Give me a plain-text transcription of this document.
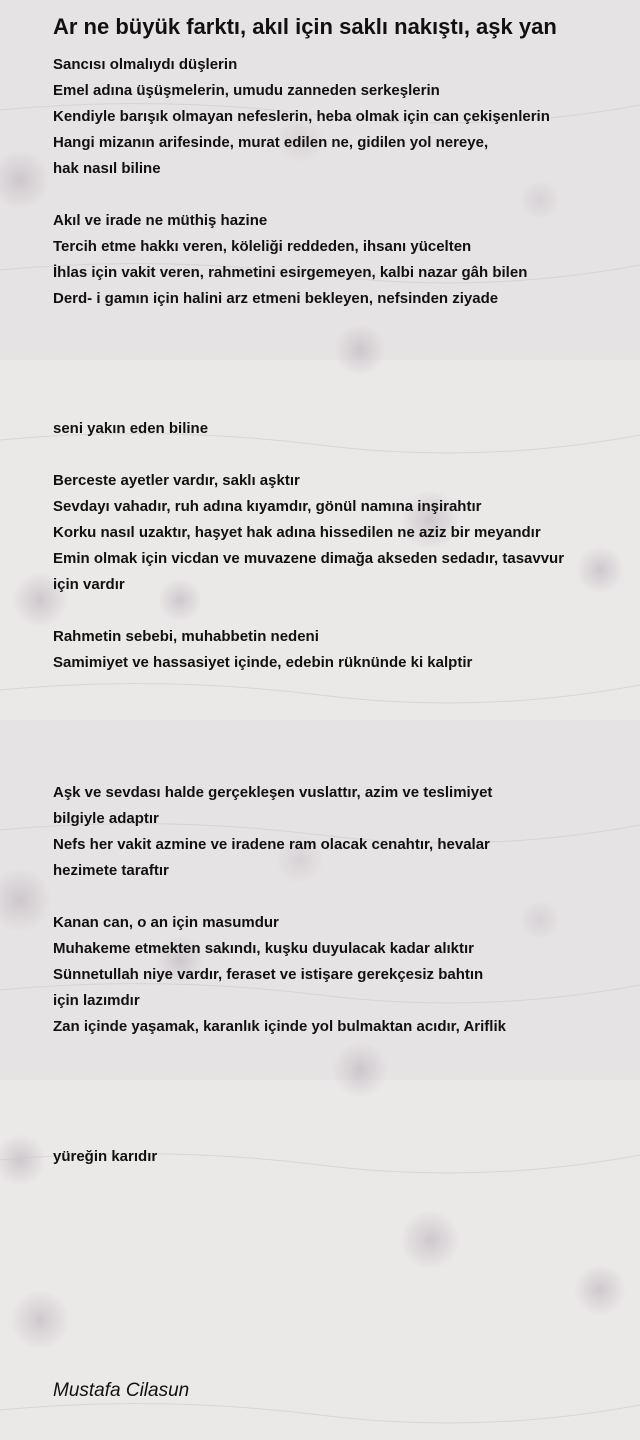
Ar ne büyük farktı, akıl için saklı nakıştı, aşk yan
Sancısı olmalıydı düşlerin
Emel adına üşüşmelerin, umudu zanneden serkeşlerin
Kendiyle barışık olmayan nefeslerin, heba olmak için can çekişenlerin
Hangi mizanın arifesinde, murat edilen ne, gidilen yol nereye,
hak nasıl biline
Akıl ve irade ne müthiş hazine
Tercih etme hakkı veren, köleliği reddeden, ihsanı yücelten
İhlas için vakit veren, rahmetini esirgemeyen, kalbi nazar gâh bilen
Derd- i gamın için halini arz etmeni bekleyen, nefsinden ziyade
seni yakın eden biline
Berceste ayetler vardır, saklı aşktır
Sevdayı vahadır, ruh adına kıyamdır, gönül namına inşirahtır
Korku nasıl uzaktır, haşyet hak adına hissedilen ne aziz bir meyandır
Emin olmak için vicdan ve muvazene dimağa akseden sedadır, tasavvur
için vardır
Rahmetin sebebi, muhabbetin nedeni
Samimiyet ve hassasiyet içinde, edebin rüknünde ki kalptir
Aşk ve sevdası halde gerçekleşen vuslattır, azim ve teslimiyet
bilgiyle adaptır
Nefs her vakit azmine ve iradene ram olacak cenahtır, hevalar
hezimete taraftır
Kanan can, o an için masumdur
Muhakeme etmekten sakındı, kuşku duyulacak kadar alıktır
Sünnetullah niye vardır, feraset ve istişare gerekçesiz bahtın
için lazımdır
Zan içinde yaşamak, karanlık içinde yol bulmaktan acıdır, Ariflik
yüreğin karıdır
Mustafa Cilasun
